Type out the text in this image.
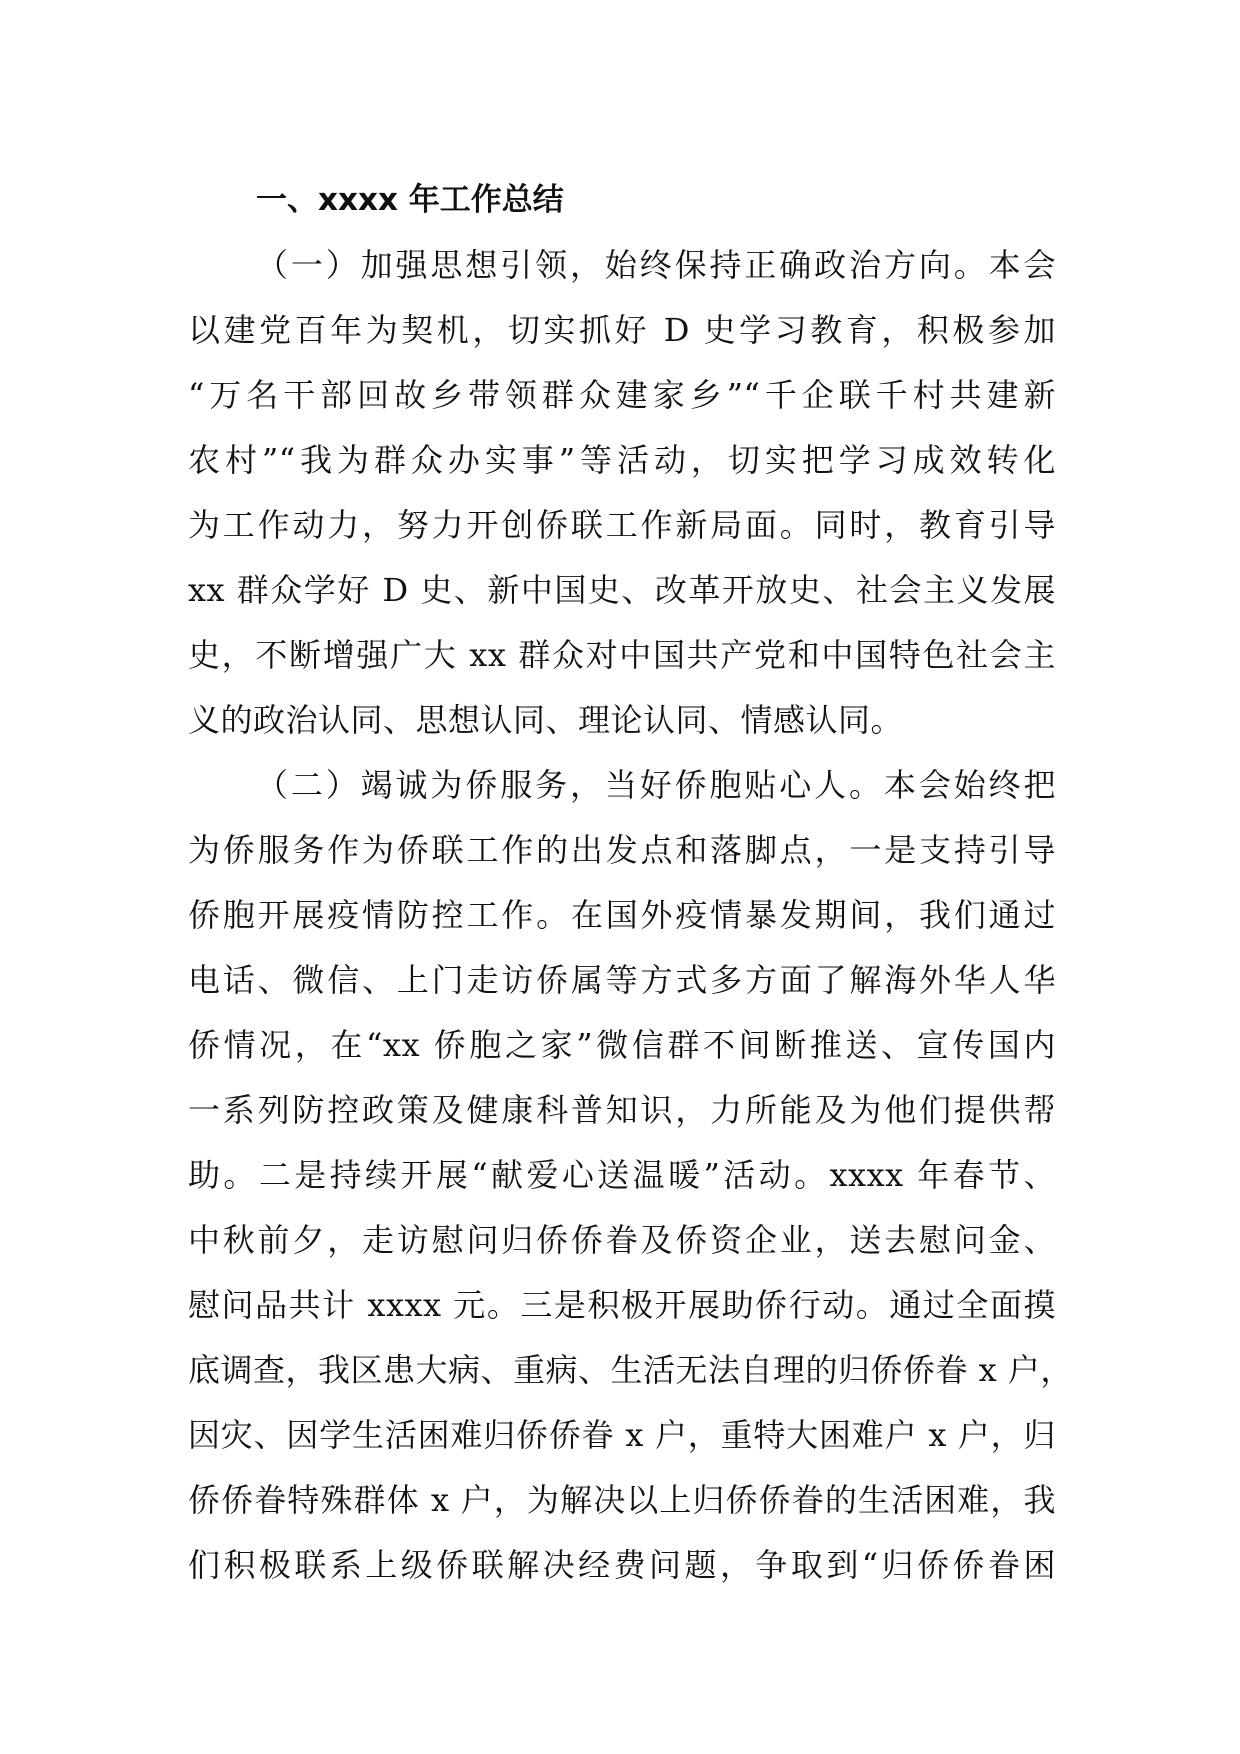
一、xxxx 年工作总结
（一）加强思想引领，始终保持正确政治方向。本会
以建党百年为契机，切实抓好 D 史学习教育，积极参加
“万名干部回故乡带领群众建家乡”“千企联千村共建新
农村”“我为群众办实事”等活动，切实把学习成效转化
为工作动力，努力开创侨联工作新局面。同时，教育引导
xx 群众学好 D 史、新中国史、改革开放史、社会主义发展
史，不断增强广大 xx 群众对中国共产党和中国特色社会主
义的政治认同、思想认同、理论认同、情感认同。
（二）竭诚为侨服务，当好侨胞贴心人。本会始终把
为侨服务作为侨联工作的出发点和落脚点，一是支持引导
侨胞开展疫情防控工作。在国外疫情暴发期间，我们通过
电话、微信、上门走访侨属等方式多方面了解海外华人华
侨情况，在“xx 侨胞之家”微信群不间断推送、宣传国内
一系列防控政策及健康科普知识，力所能及为他们提供帮
助。二是持续开展“献爱心送温暖”活动。xxxx 年春节、
中秋前夕，走访慰问归侨侨眷及侨资企业，送去慰问金、
慰问品共计 xxxx 元。三是积极开展助侨行动。通过全面摸
底调查，我区患大病、重病、生活无法自理的归侨侨眷 x 户，
因灾、因学生活困难归侨侨眷 x 户，重特大困难户 x 户，归
侨侨眷特殊群体 x 户，为解决以上归侨侨眷的生活困难，我
们积极联系上级侨联解决经费问题，争取到“归侨侨眷困
